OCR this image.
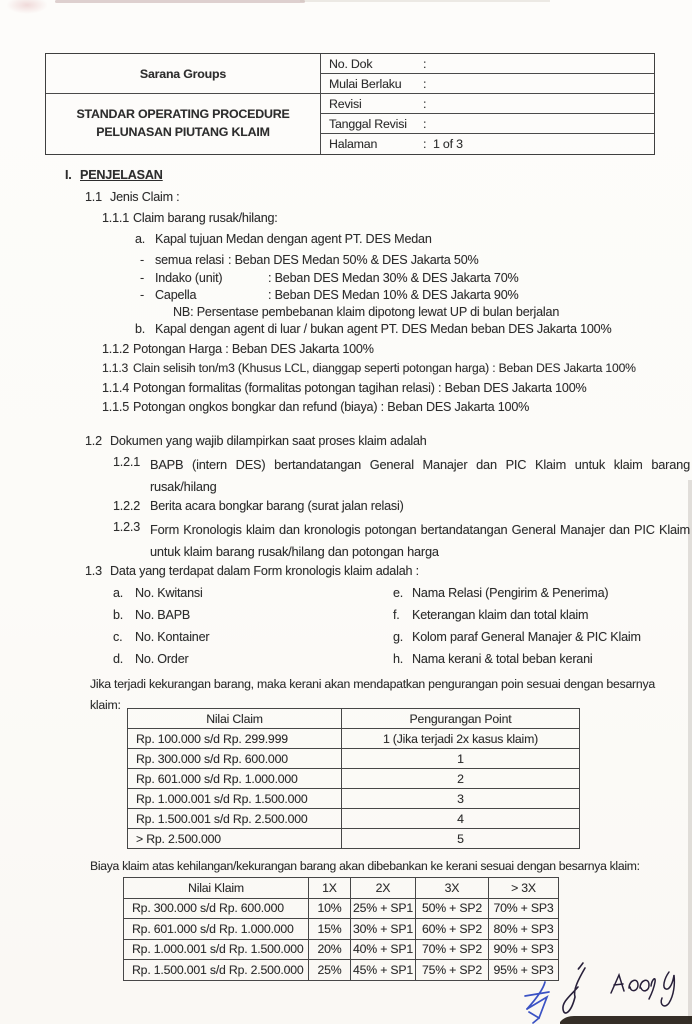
Sarana Groups
STANDAR OPERATING PROCEDURE
PELUNASAN PIUTANG KLAIM
No. Dok	:
Mulai Berlaku	:
Revisi	:
Tanggal Revisi	:
Halaman	: 1 of 3
I. PENJELASAN
1.1 Jenis Claim :
1.1.1 Claim barang rusak/hilang:
a. Kapal tujuan Medan dengan agent PT. DES Medan
- semua relasi : Beban DES Medan 50% & DES Jakarta 50%
- Indako (unit)	: Beban DES Medan 30% & DES Jakarta 70%
- Capella	: Beban DES Medan 10% & DES Jakarta 90%
NB: Persentase pembebanan klaim dipotong lewat UP di bulan berjalan
b. Kapal dengan agent di luar / bukan agent PT. DES Medan beban DES Jakarta 100%
1.1.2 Potongan Harga : Beban DES Jakarta 100%
1.1.3 Clain selisih ton/m3 (Khusus LCL, dianggap seperti potongan harga) : Beban DES Jakarta 100%
1.1.4 Potongan formalitas (formalitas potongan tagihan relasi) : Beban DES Jakarta 100%
1.1.5 Potongan ongkos bongkar dan refund (biaya) : Beban DES Jakarta 100%
1.2 Dokumen yang wajib dilampirkan saat proses klaim adalah
1.2.1 BAPB (intern DES) bertandatangan General Manajer dan PIC Klaim untuk klaim barang rusak/hilang
1.2.2 Berita acara bongkar barang (surat jalan relasi)
1.2.3 Form Kronologis klaim dan kronologis potongan bertandatangan General Manajer dan PIC Klaim untuk klaim barang rusak/hilang dan potongan harga
1.3 Data yang terdapat dalam Form kronologis klaim adalah :
a. No. Kwitansi
b. No. BAPB
c. No. Kontainer
d. No. Order
e. Nama Relasi (Pengirim & Penerima)
f. Keterangan klaim dan total klaim
g. Kolom paraf General Manajer & PIC Klaim
h. Nama kerani & total beban kerani
Jika terjadi kekurangan barang, maka kerani akan mendapatkan pengurangan poin sesuai dengan besarnya klaim:
Nilai Claim	Pengurangan Point
Rp. 100.000 s/d Rp. 299.999	1 (Jika terjadi 2x kasus klaim)
Rp. 300.000 s/d Rp. 600.000	1
Rp. 601.000 s/d Rp. 1.000.000	2
Rp. 1.000.001 s/d Rp. 1.500.000	3
Rp. 1.500.001 s/d Rp. 2.500.000	4
> Rp. 2.500.000	5
Biaya klaim atas kehilangan/kekurangan barang akan dibebankan ke kerani sesuai dengan besarnya klaim:
Nilai Klaim	1X	2X	3X	> 3X
Rp. 300.000 s/d Rp. 600.000	10%	25% + SP1	50% + SP2	70% + SP3
Rp. 601.000 s/d Rp. 1.000.000	15%	30% + SP1	60% + SP2	80% + SP3
Rp. 1.000.001 s/d Rp. 1.500.000	20%	40% + SP1	70% + SP2	90% + SP3
Rp. 1.500.001 s/d Rp. 2.500.000	25%	45% + SP1	75% + SP2	95% + SP3
